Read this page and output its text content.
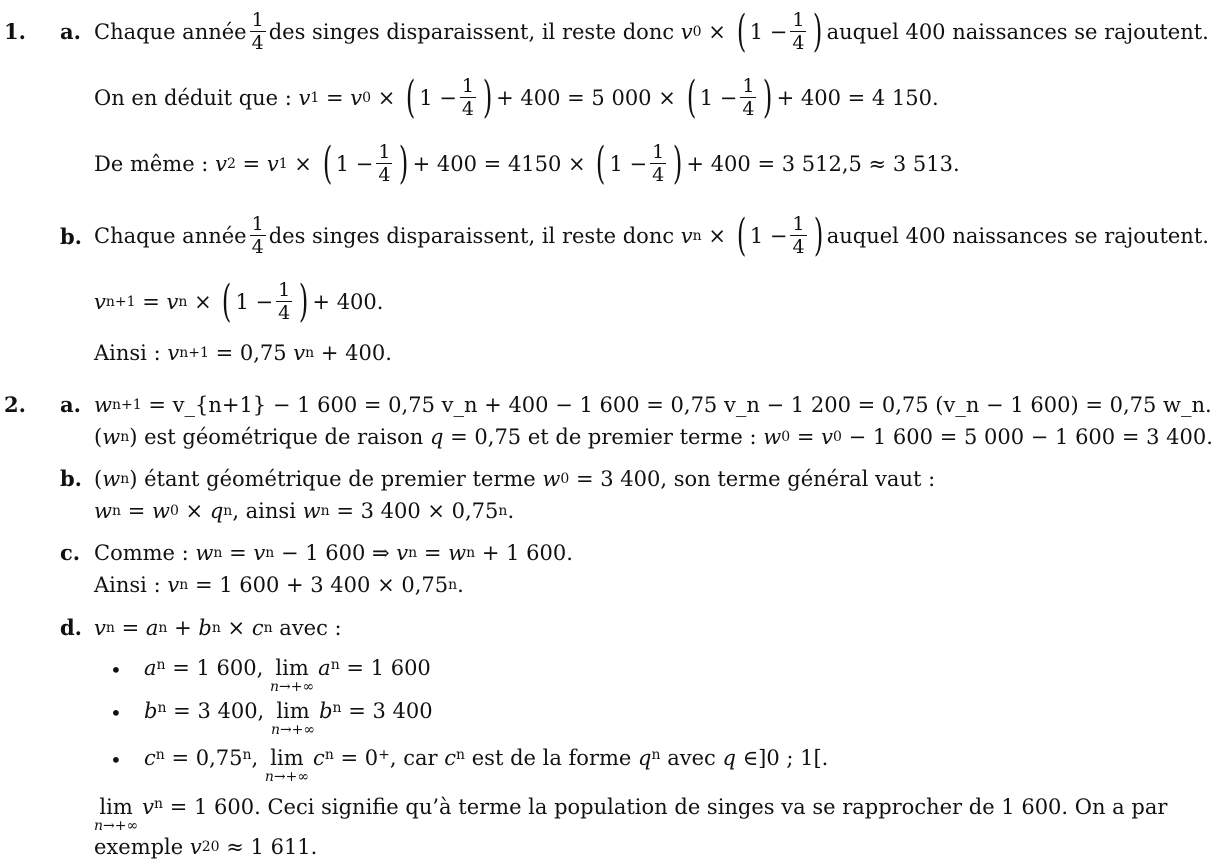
1. a. Chaque année $\frac{1}{4}$ des singes disparaissent, il reste donc
v 0 × ( $1 - \frac{1}{4}$ ) auquel 400 naissances se rajoutent.
On en déduit que :
v 1 = v 0 × ( $1 - \frac{1}{4}$ ) + 400 = 5 000 ×
( $1 - \frac{1}{4}$ ) + 400 = 4 150.
De même :
v 2 = v 1 × ( $1 - \frac{1}{4}$ ) + 400 = 4150 ×
( $1 - \frac{1}{4}$ ) + 400 = 3 512,5 ≈ 3 513.
b. Chaque année $\frac{1}{4}$ des singes disparaissent, il reste donc
v n × ( $1 - \frac{1}{4}$ ) auquel 400 naissances se rajoutent.
v n+1 = v n × ( $1 - \frac{1}{4}$ ) + 400.
Ainsi :
v n+1
= 0,75
v n + 400.
2. a. w n+1
= v_{n+1} − 1 600 = 0,75 v_n + 400 − 1 600 = 0,75 v_n − 1 200 = 0,75 (v_n − 1 600) = 0,75 w_n.
( w n ) est géométrique de raison
q
= 0,75 et de premier terme :
w 0 = v 0 − 1 600 = 5 000 − 1 600 = 3 400.
b. ( w n ) étant géométrique de premier terme
w 0
= 3 400, son terme général vaut :
w n = w 0 × q n , ainsi
w n
= 3 400 × 0,75 n .
c. Comme :
w n = v n − 1 600 ⇒ v n = w n + 1 600.
Ainsi :
v n
= 1 600 + 3 400 × 0,75 n .
d. v n = a n + b n × c n
avec :
• a n
= 1 600,
lim
n→+∞
a n
= 1 600
• b n
= 3 400,
lim
n→+∞
b n
= 3 400
• c n
= 0,75 n , lim
n→+∞
c n
= 0 + , car c n
est de la forme
q n
avec
q
∈]0 ; 1[.
lim
n→+∞
v n
= 1 600. Ceci signifie qu’à terme la population de singes va se rapprocher de 1 600. On a par
exemple
v 20
≈ 1 611.
